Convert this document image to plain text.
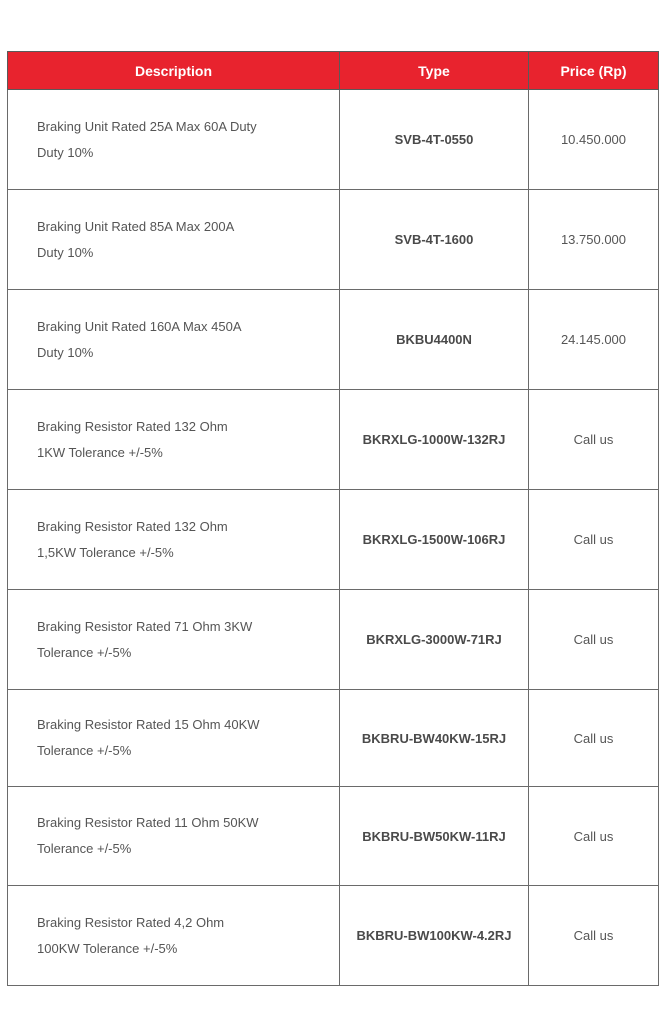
Description	Type	Price (Rp)

Braking Unit Rated 25A Max 60A Duty
Duty 10%	SVB-4T-0550	10.450.000

Braking Unit Rated 85A Max 200A
Duty 10%	SVB-4T-1600	13.750.000

Braking Unit Rated 160A Max 450A
Duty 10%	BKBU4400N	24.145.000

Braking Resistor Rated 132 Ohm
1KW Tolerance +/-5%	BKRXLG-1000W-132RJ	Call us

Braking Resistor Rated 132 Ohm
1,5KW Tolerance +/-5%	BKRXLG-1500W-106RJ	Call us

Braking Resistor Rated 71 Ohm 3KW
Tolerance +/-5%	BKRXLG-3000W-71RJ	Call us

Braking Resistor Rated 15 Ohm 40KW
Tolerance +/-5%	BKBRU-BW40KW-15RJ	Call us

Braking Resistor Rated 11 Ohm 50KW
Tolerance +/-5%	BKBRU-BW50KW-11RJ	Call us

Braking Resistor Rated 4,2 Ohm
100KW Tolerance +/-5%	BKBRU-BW100KW-4.2RJ	Call us
